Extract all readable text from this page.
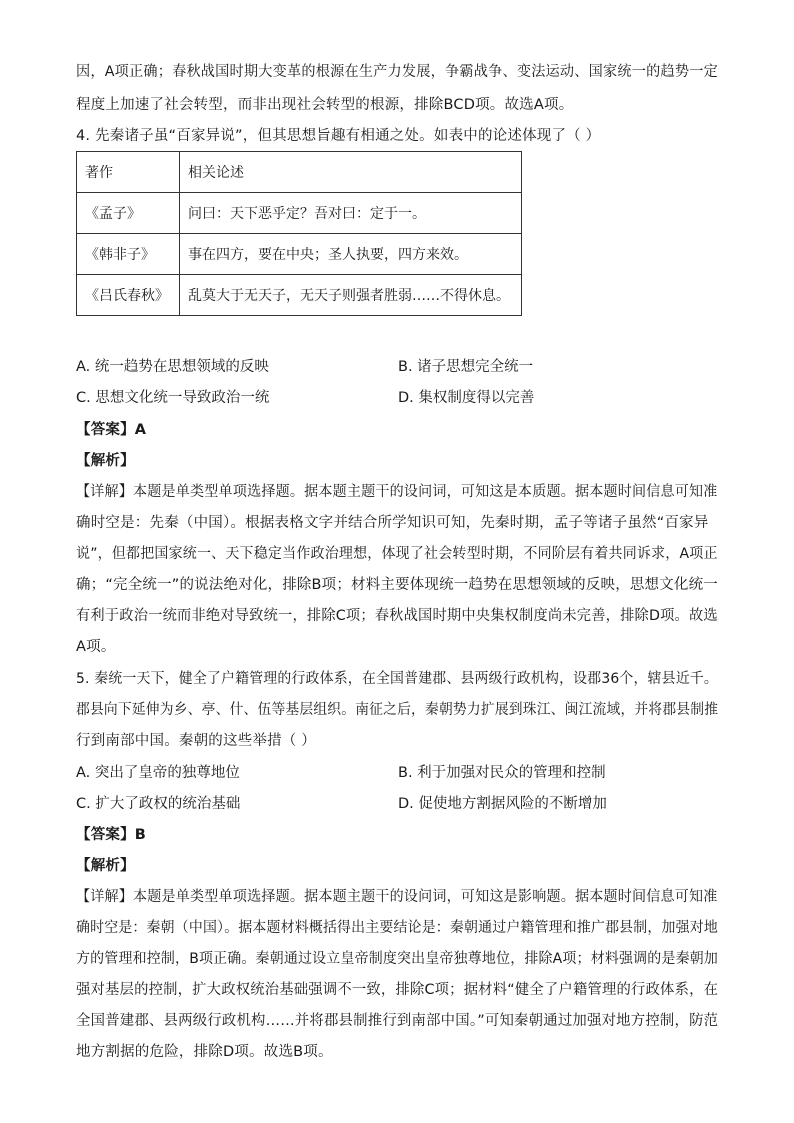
因，A项正确；春秋战国时期大变革的根源在生产力发展，争霸战争、变法运动、国家统一的趋势一定
程度上加速了社会转型，而非出现社会转型的根源，排除BCD项。故选A项。
4. 先秦诸子虽“百家异说”，但其思想旨趣有相通之处。如表中的论述体现了（ ）
著作	相关论述
《孟子》	问曰：天下恶乎定？吾对曰：定于一。
《韩非子》	事在四方，要在中央；圣人执要，四方来效。
《吕氏春秋》	乱莫大于无天子，无天子则强者胜弱……不得休息。
A. 统一趋势在思想领域的反映	B. 诸子思想完全统一
C. 思想文化统一导致政治一统	D. 集权制度得以完善
【答案】A
【解析】
【详解】本题是单类型单项选择题。据本题主题干的设问词，可知这是本质题。据本题时间信息可知准
确时空是：先秦（中国）。根据表格文字并结合所学知识可知，先秦时期，孟子等诸子虽然“百家异
说”，但都把国家统一、天下稳定当作政治理想，体现了社会转型时期，不同阶层有着共同诉求，A项正
确；“完全统一”的说法绝对化，排除B项；材料主要体现统一趋势在思想领域的反映，思想文化统一
有利于政治一统而非绝对导致统一，排除C项；春秋战国时期中央集权制度尚未完善，排除D项。故选
A项。
5. 秦统一天下，健全了户籍管理的行政体系，在全国普建郡、县两级行政机构，设郡36个，辖县近千。
郡县向下延伸为乡、亭、什、伍等基层组织。南征之后，秦朝势力扩展到珠江、闽江流域，并将郡县制推
行到南部中国。秦朝的这些举措（ ）
A. 突出了皇帝的独尊地位	B. 利于加强对民众的管理和控制
C. 扩大了政权的统治基础	D. 促使地方割据风险的不断增加
【答案】B
【解析】
【详解】本题是单类型单项选择题。据本题主题干的设问词，可知这是影响题。据本题时间信息可知准
确时空是：秦朝（中国）。据本题材料概括得出主要结论是：秦朝通过户籍管理和推广郡县制，加强对地
方的管理和控制，B项正确。秦朝通过设立皇帝制度突出皇帝独尊地位，排除A项；材料强调的是秦朝加
强对基层的控制，扩大政权统治基础强调不一致，排除C项；据材料“健全了户籍管理的行政体系，在
全国普建郡、县两级行政机构……并将郡县制推行到南部中国。”可知秦朝通过加强对地方控制，防范
地方割据的危险，排除D项。故选B项。
